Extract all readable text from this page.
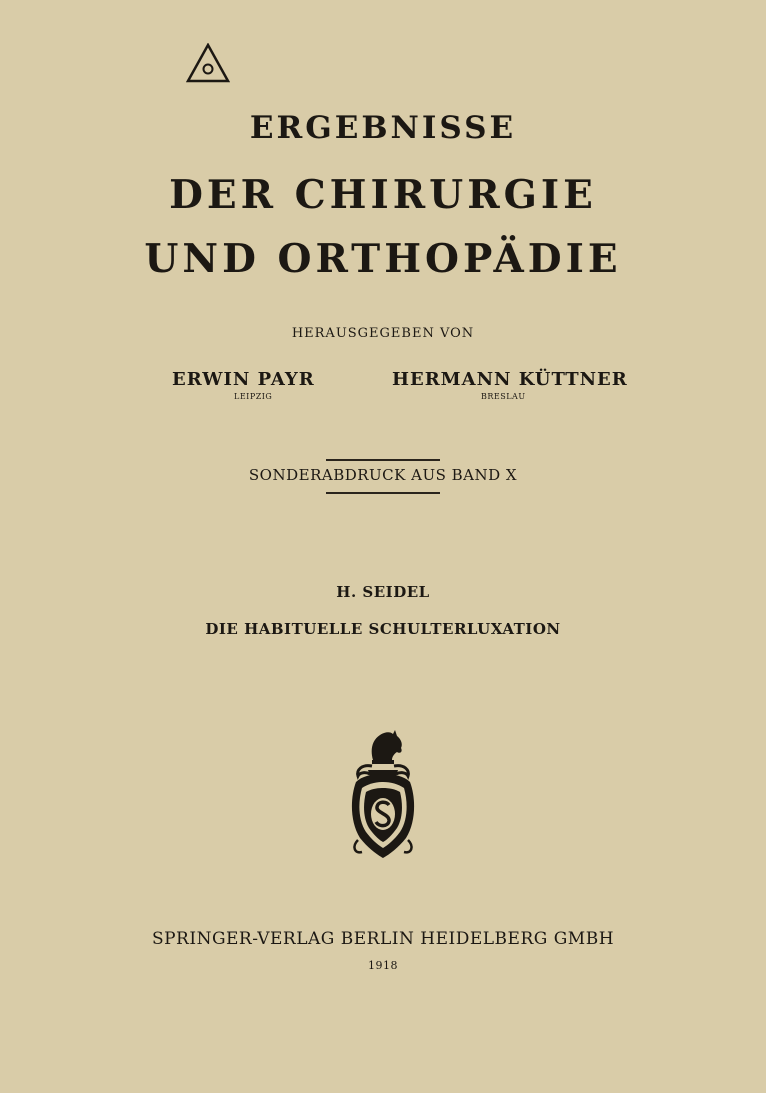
ERGEBNISSE
DER CHIRURGIE
UND ORTHOPÄDIE
HERAUSGEGEBEN VON
ERWIN PAYR
LEIPZIG
HERMANN KÜTTNER
BRESLAU
SONDERABDRUCK AUS BAND X
H. SEIDEL
DIE HABITUELLE SCHULTERLUXATION
SPRINGER-VERLAG BERLIN HEIDELBERG GMBH
1918
